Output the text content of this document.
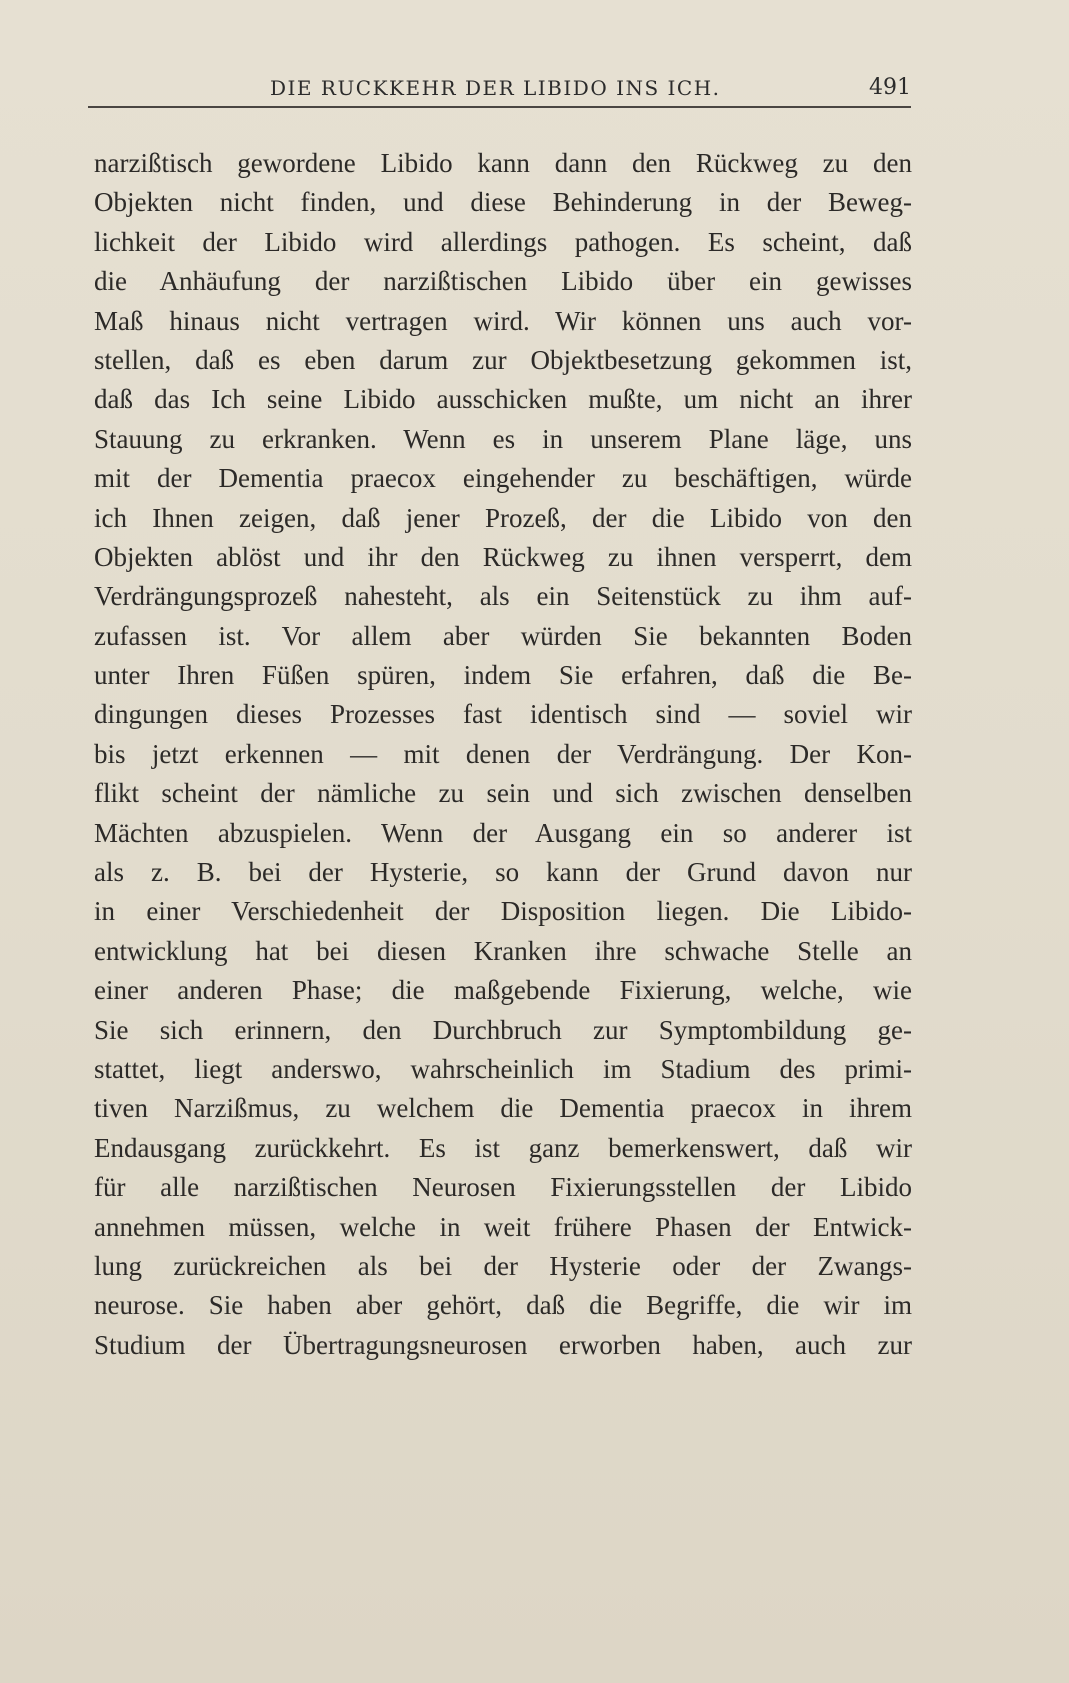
DIE RUCKKEHR DER LIBIDO INS ICH.	491
narzißtisch gewordene Libido kann dann den Rückweg zu den
Objekten nicht finden, und diese Behinderung in der Beweg-
lichkeit der Libido wird allerdings pathogen. Es scheint, daß
die Anhäufung der narzißtischen Libido über ein gewisses
Maß hinaus nicht vertragen wird. Wir können uns auch vor-
stellen, daß es eben darum zur Objektbesetzung gekommen ist,
daß das Ich seine Libido ausschicken mußte, um nicht an ihrer
Stauung zu erkranken. Wenn es in unserem Plane läge, uns
mit der Dementia praecox eingehender zu beschäftigen, würde
ich Ihnen zeigen, daß jener Prozeß, der die Libido von den
Objekten ablöst und ihr den Rückweg zu ihnen versperrt, dem
Verdrängungsprozeß nahesteht, als ein Seitenstück zu ihm auf-
zufassen ist. Vor allem aber würden Sie bekannten Boden
unter Ihren Füßen spüren, indem Sie erfahren, daß die Be-
dingungen dieses Prozesses fast identisch sind — soviel wir
bis jetzt erkennen — mit denen der Verdrängung. Der Kon-
flikt scheint der nämliche zu sein und sich zwischen denselben
Mächten abzuspielen. Wenn der Ausgang ein so anderer ist
als z. B. bei der Hysterie, so kann der Grund davon nur
in einer Verschiedenheit der Disposition liegen. Die Libido-
entwicklung hat bei diesen Kranken ihre schwache Stelle an
einer anderen Phase; die maßgebende Fixierung, welche, wie
Sie sich erinnern, den Durchbruch zur Symptombildung ge-
stattet, liegt anderswo, wahrscheinlich im Stadium des primi-
tiven Narzißmus, zu welchem die Dementia praecox in ihrem
Endausgang zurückkehrt. Es ist ganz bemerkenswert, daß wir
für alle narzißtischen Neurosen Fixierungsstellen der Libido
annehmen müssen, welche in weit frühere Phasen der Entwick-
lung zurückreichen als bei der Hysterie oder der Zwangs-
neurose. Sie haben aber gehört, daß die Begriffe, die wir im
Studium der Übertragungsneurosen erworben haben, auch zur
